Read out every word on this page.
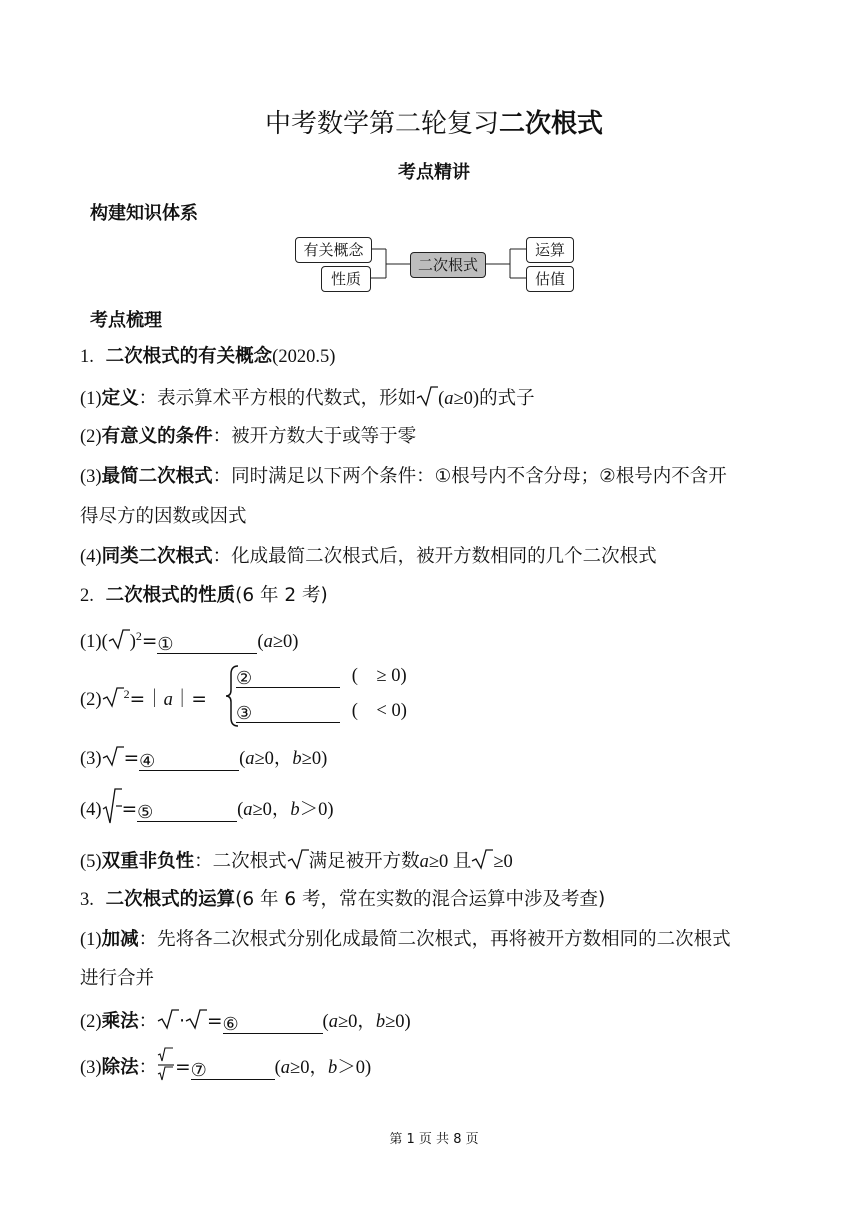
中考数学第二轮复习二次根式
考点精讲
构建知识体系
有关概念
性质
二次根式
运算
估值
考点梳理
1. 二次根式的有关概念(2020.5)
(1)定义：表示算术平方根的代数式，形如 (a≥0)的式子
(2)有意义的条件：被开方数大于或等于零
(3)最简二次根式：同时满足以下两个条件：①根号内不含分母；②根号内不含开
得尽方的因数或因式
(4)同类二次根式：化成最简二次根式后，被开方数相同的几个二次根式
2. 二次根式的性质(6 年 2 考)
(1)( )$^2$=①	(a≥0)
(2) $^2$=｜a｜=
②	(　≥ 0)
③	(　< 0)
(3) =④	(a≥0，b≥0)
(4) =⑤	(a≥0，b＞0)
(5)双重非负性：二次根式 满足被开方数a≥0 且 ≥0
3. 二次根式的运算(6 年 6 考，常在实数的混合运算中涉及考查)
(1)加减：先将各二次根式分别化成最简二次根式，再将被开方数相同的二次根式
进行合并
(2)乘法： · =⑥	(a≥0，b≥0)
(3)除法： =⑦	(a≥0，b＞0)
第 1 页 共 8 页
